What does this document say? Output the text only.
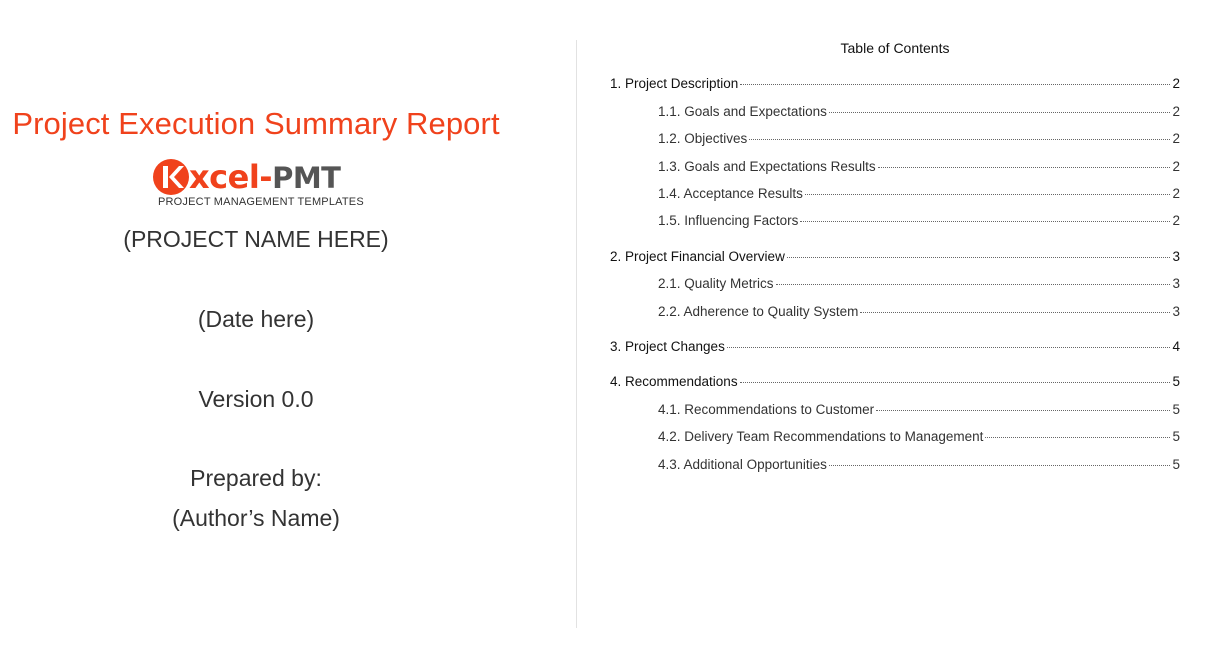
Project Execution Summary Report
xcel-PMT
PROJECT MANAGEMENT TEMPLATES
(PROJECT NAME HERE)
(Date here)
Version 0.0
Prepared by:
(Author’s Name)
Table of Contents
1. Project Description	2
1.1. Goals and Expectations	2
1.2. Objectives	2
1.3. Goals and Expectations Results	2
1.4. Acceptance Results	2
1.5. Influencing Factors	2
2. Project Financial Overview	3
2.1. Quality Metrics	3
2.2. Adherence to Quality System	3
3. Project Changes	4
4. Recommendations	5
4.1. Recommendations to Customer	5
4.2. Delivery Team Recommendations to Management	5
4.3. Additional Opportunities	5
